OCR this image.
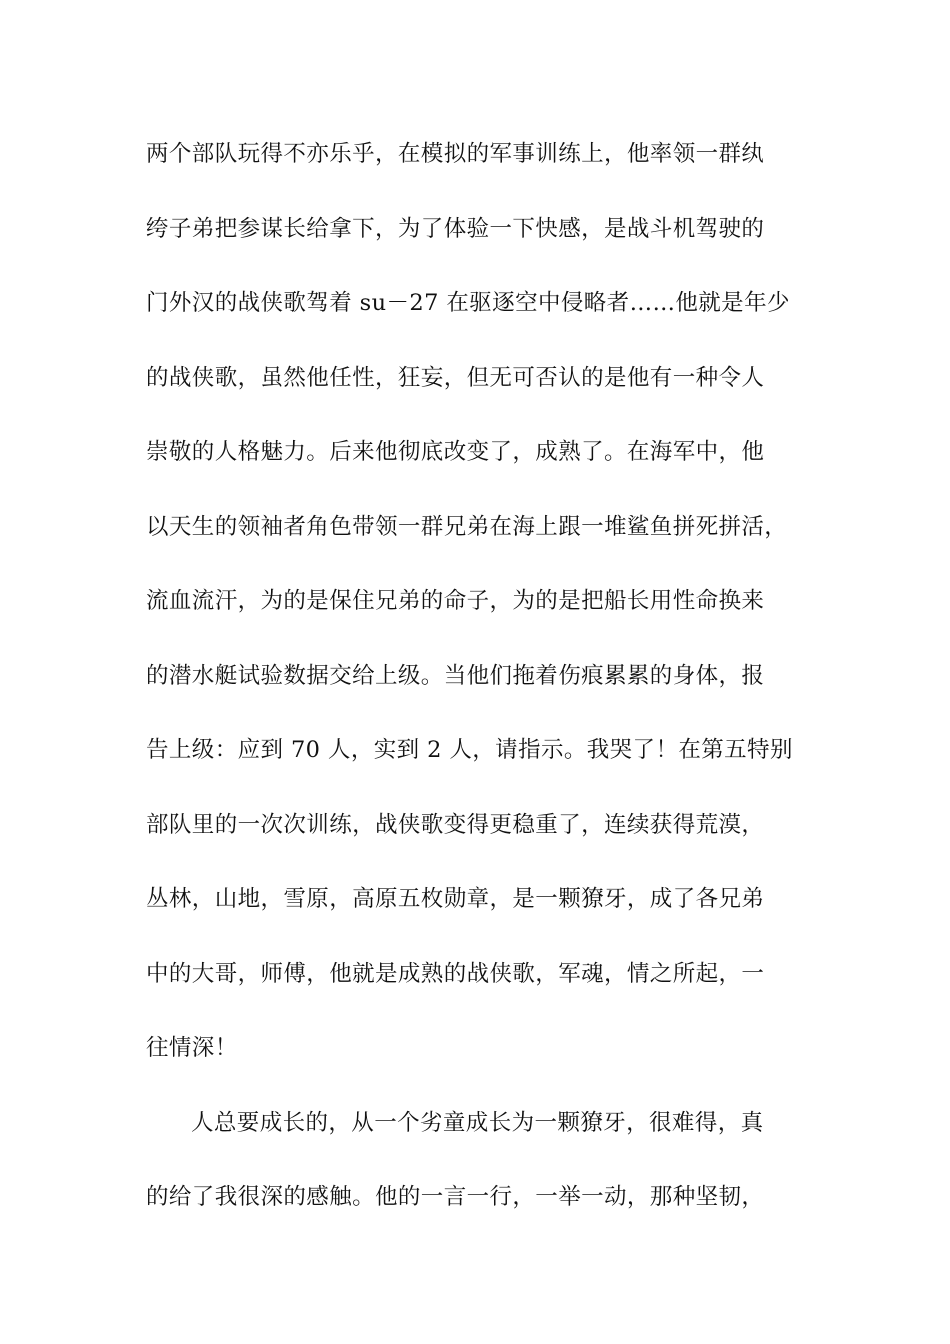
两个部队玩得不亦乐乎，在模拟的军事训练上，他率领一群纨
绔子弟把参谋长给拿下，为了体验一下快感，是战斗机驾驶的
门外汉的战侠歌驾着 su－27 在驱逐空中侵略者……他就是年少
的战侠歌，虽然他任性，狂妄，但无可否认的是他有一种令人
崇敬的人格魅力。后来他彻底改变了，成熟了。在海军中，他
以天生的领袖者角色带领一群兄弟在海上跟一堆鲨鱼拼死拼活，
流血流汗，为的是保住兄弟的命子，为的是把船长用性命换来
的潜水艇试验数据交给上级。当他们拖着伤痕累累的身体，报
告上级：应到 70 人，实到 2 人，请指示。我哭了！在第五特别
部队里的一次次训练，战侠歌变得更稳重了，连续获得荒漠，
丛林，山地，雪原，高原五枚勋章，是一颗獠牙，成了各兄弟
中的大哥，师傅，他就是成熟的战侠歌，军魂，情之所起，一
往情深！
人总要成长的，从一个劣童成长为一颗獠牙，很难得，真
的给了我很深的感触。他的一言一行，一举一动，那种坚韧，
